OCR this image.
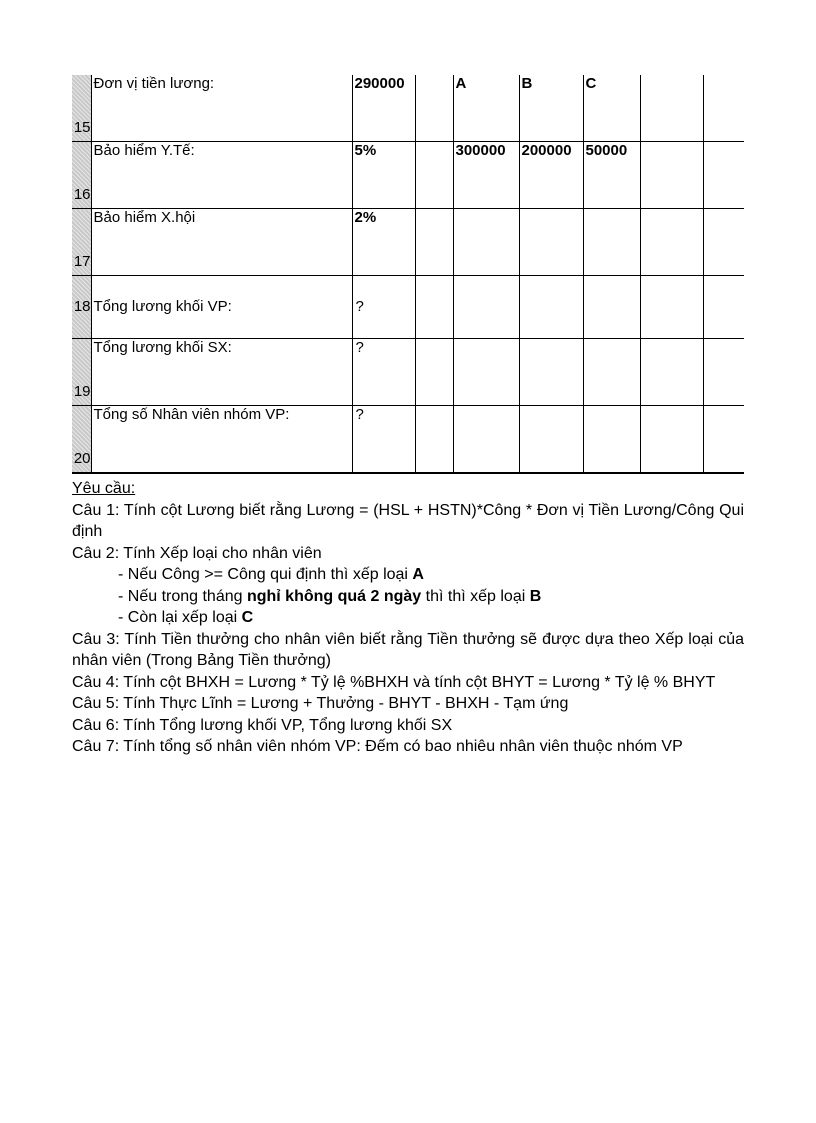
15	Đơn vị tiền lương:	290000		A	B	C		
16	Bảo hiểm Y.Tế:	5%		300000	200000	50000		
17	Bảo hiểm X.hội	2%						
18	Tổng lương khối VP:	?						
19	Tổng lương khối SX:	?						
20	Tổng số Nhân viên nhóm VP:	?						
Yêu cầu:
Câu 1: Tính cột Lương biết rằng Lương = (HSL + HSTN)*Công * Đơn vị Tiền Lương/Công Qui định
Câu 2: Tính Xếp loại cho nhân viên
- Nếu Công >= Công qui định thì xếp loại A
- Nếu trong tháng nghỉ không quá 2 ngày thì thì xếp loại B
- Còn lại xếp loại C
Câu 3: Tính Tiền thưởng cho nhân viên biết rằng Tiền thưởng sẽ được dựa theo Xếp loại của nhân viên (Trong Bảng Tiền thưởng)
Câu 4: Tính cột BHXH = Lương * Tỷ lệ %BHXH và tính cột BHYT = Lương * Tỷ lệ % BHYT
Câu 5: Tính Thực Lĩnh = Lương + Thưởng - BHYT - BHXH - Tạm ứng
Câu 6: Tính Tổng lương khối VP, Tổng lương khối SX
Câu 7: Tính tổng số nhân viên nhóm VP: Đếm có bao nhiêu nhân viên thuộc nhóm VP
